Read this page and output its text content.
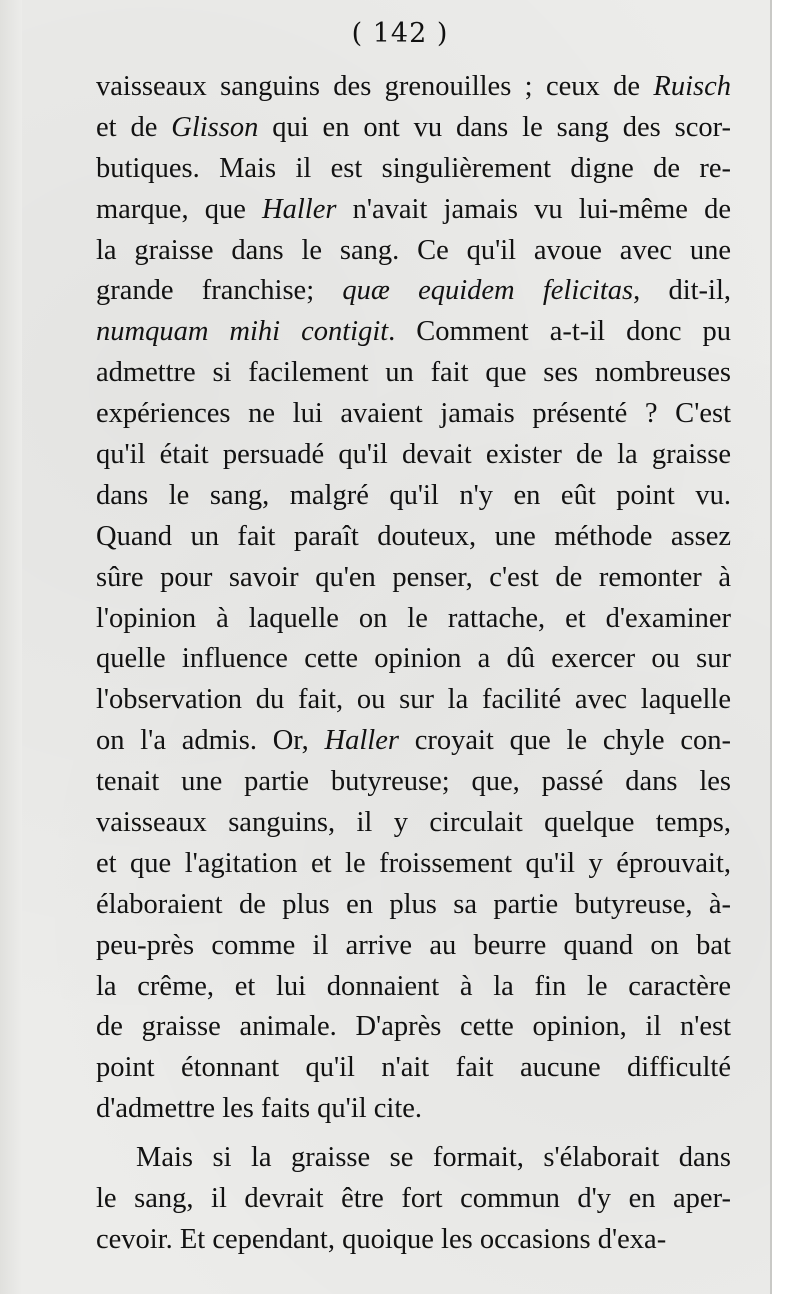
( 142 )
vaisseaux sanguins des grenouilles ; ceux de Ruisch
et de Glisson qui en ont vu dans le sang des scor-
butiques. Mais il est singulièrement digne de re-
marque, que Haller n'avait jamais vu lui-même de
la graisse dans le sang. Ce qu'il avoue avec une
grande franchise; quæ equidem felicitas, dit-il,
numquam mihi contigit. Comment a-t-il donc pu
admettre si facilement un fait que ses nombreuses
expériences ne lui avaient jamais présenté ? C'est
qu'il était persuadé qu'il devait exister de la graisse
dans le sang, malgré qu'il n'y en eût point vu.
Quand un fait paraît douteux, une méthode assez
sûre pour savoir qu'en penser, c'est de remonter à
l'opinion à laquelle on le rattache, et d'examiner
quelle influence cette opinion a dû exercer ou sur
l'observation du fait, ou sur la facilité avec laquelle
on l'a admis. Or, Haller croyait que le chyle con-
tenait une partie butyreuse; que, passé dans les
vaisseaux sanguins, il y circulait quelque temps,
et que l'agitation et le froissement qu'il y éprouvait,
élaboraient de plus en plus sa partie butyreuse, à-
peu-près comme il arrive au beurre quand on bat
la crême, et lui donnaient à la fin le caractère
de graisse animale. D'après cette opinion, il n'est
point étonnant qu'il n'ait fait aucune difficulté
d'admettre les faits qu'il cite.
Mais si la graisse se formait, s'élaborait dans
le sang, il devrait être fort commun d'y en aper-
cevoir. Et cependant, quoique les occasions d'exa-
